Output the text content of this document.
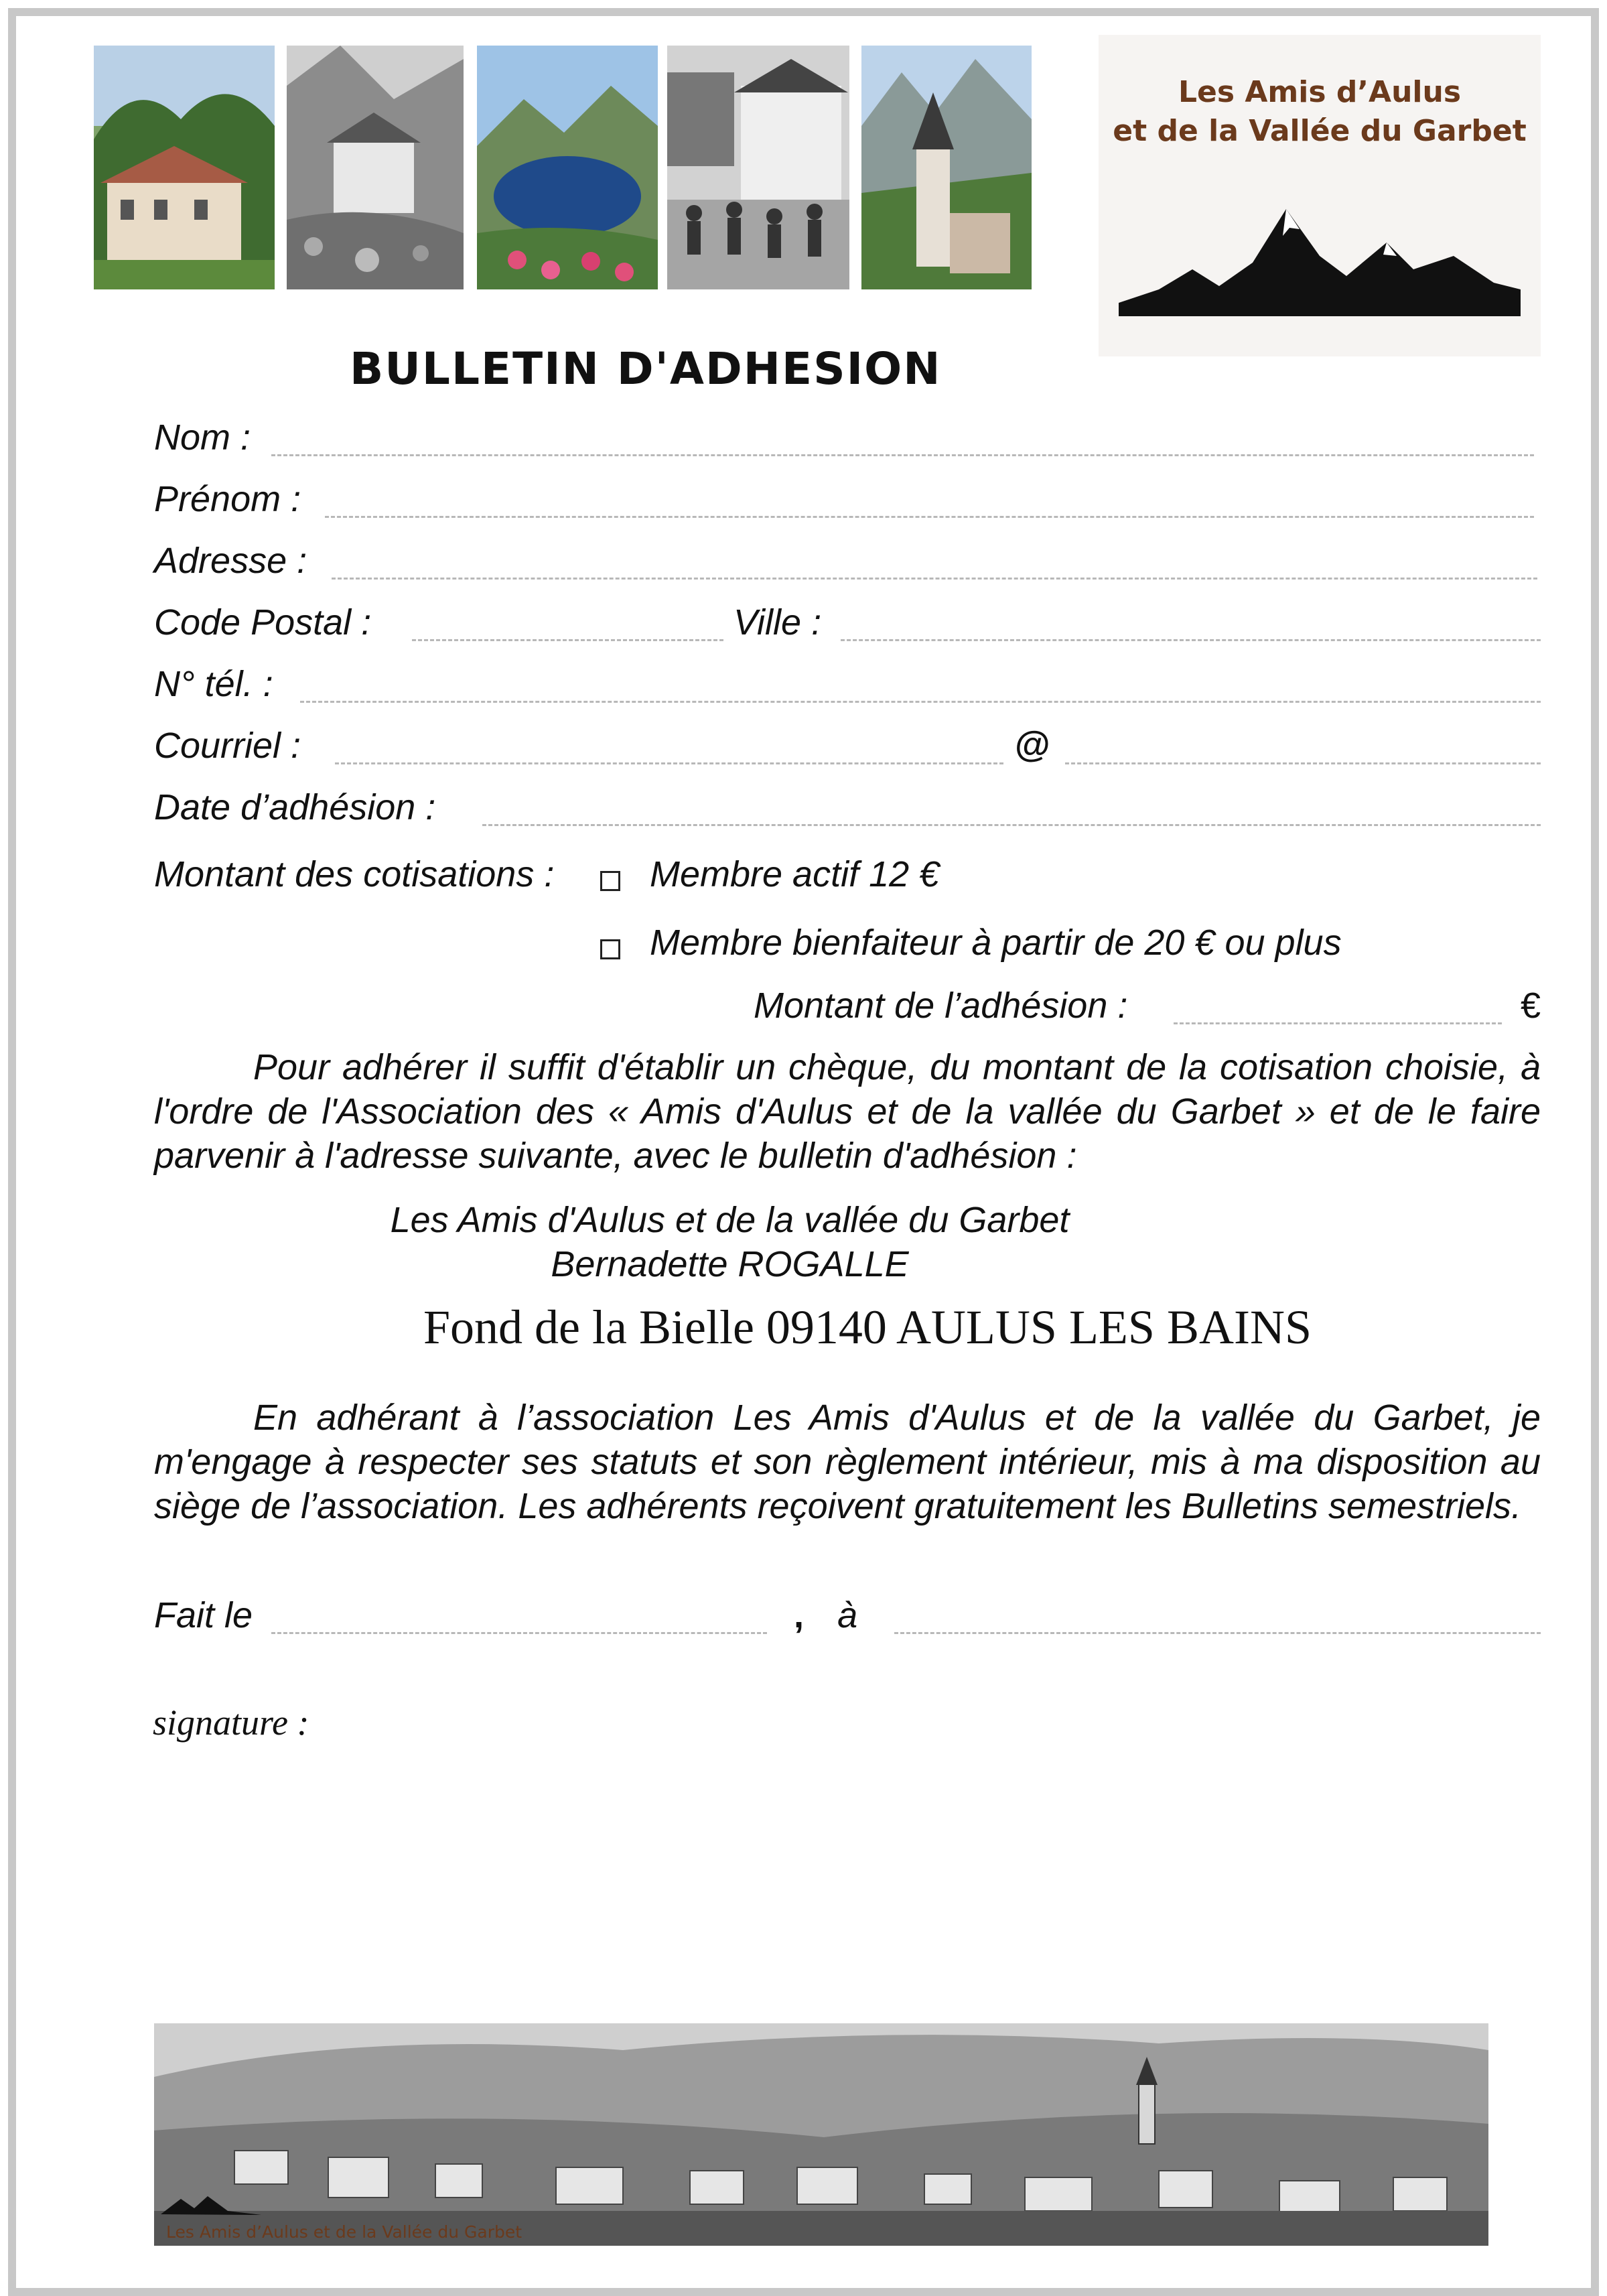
Les Amis d’Aulus
et de la Vallée du Garbet
BULLETIN D'ADHESION
Nom :
Prénom :
Adresse :
Code Postal :	Ville :
N° tél. :
Courriel :	@
Date d’adhésion :
Montant des cotisations :	Membre actif 12 €
Membre bienfaiteur à partir de 20 € ou plus
Montant de l’adhésion :	€
Pour adhérer il suffit d'établir un chèque, du montant de la cotisation choisie, à l'ordre de l'Association des « Amis d'Aulus et de la vallée du Garbet » et de le faire parvenir à l'adresse suivante, avec le bulletin d'adhésion :
Les Amis d'Aulus et de la vallée du Garbet
Bernadette ROGALLE
Fond de la Bielle 09140 AULUS LES BAINS
En adhérant à l’association Les Amis d'Aulus et de la vallée du Garbet, je m'engage à respecter ses statuts et son règlement intérieur, mis à ma disposition au siège de l’association. Les adhérents reçoivent gratuitement les Bulletins semestriels.
Fait le	, à
signature :
Les Amis d’Aulus et de la Vallée du Garbet
